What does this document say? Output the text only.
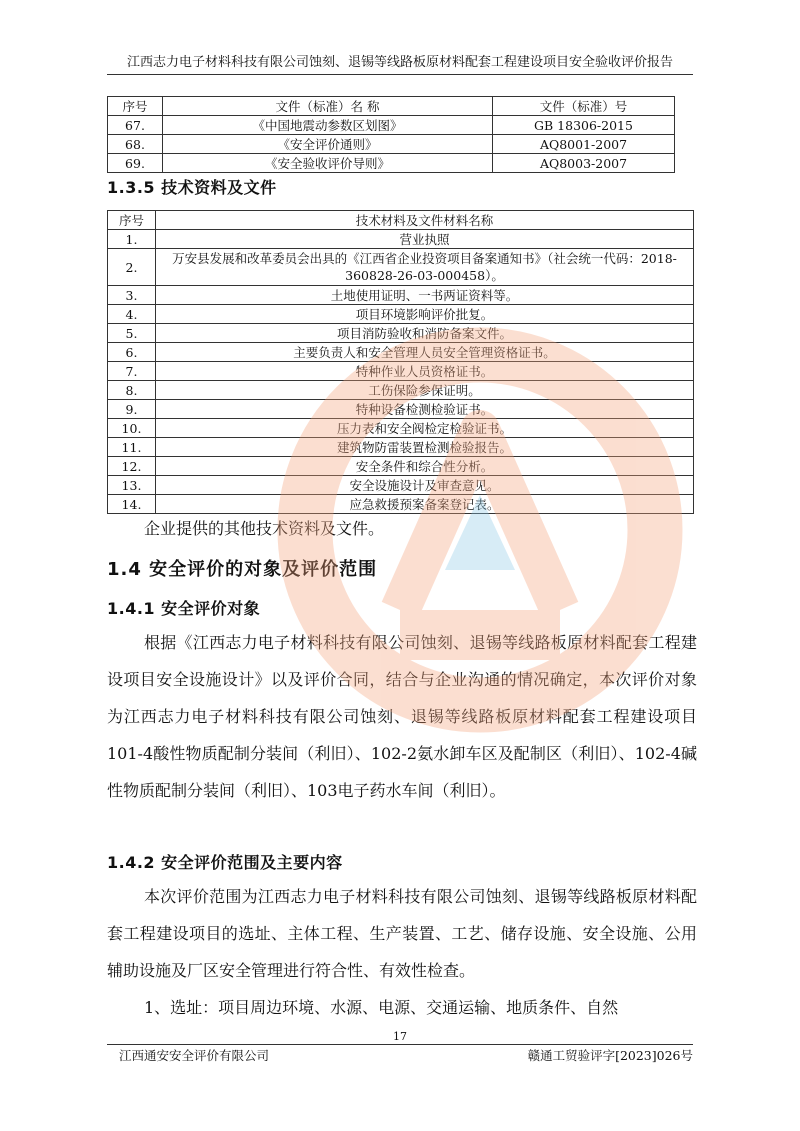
江西志力电子材料科技有限公司蚀刻、退锡等线路板原材料配套工程建设项目安全验收评价报告
序号	文件（标准）名 称	文件（标准）号
67.	《中国地震动参数区划图》	GB 18306-2015
68.	《安全评价通则》	AQ8001-2007
69.	《安全验收评价导则》	AQ8003-2007
1.3.5 技术资料及文件
序号	技术材料及文件材料名称
1.	营业执照
2.	万安县发展和改革委员会出具的《江西省企业投资项目备案通知书》（社会统一代码：2018-360828-26-03-000458）。
3.	土地使用证明、一书两证资料等。
4.	项目环境影响评价批复。
5.	项目消防验收和消防备案文件。
6.	主要负责人和安全管理人员安全管理资格证书。
7.	特种作业人员资格证书。
8.	工伤保险参保证明。
9.	特种设备检测检验证书。
10.	压力表和安全阀检定检验证书。
11.	建筑物防雷装置检测检验报告。
12.	安全条件和综合性分析。
13.	安全设施设计及审查意见。
14.	应急救援预案备案登记表。

企业提供的其他技术资料及文件。

1.4 安全评价的对象及评价范围
1.4.1 安全评价对象

根据《江西志力电子材料科技有限公司蚀刻、退锡等线路板原材料配套工程建设项目安全设施设计》以及评价合同，结合与企业沟通的情况确定，本次评价对象为江西志力电子材料科技有限公司蚀刻、退锡等线路板原材料配套工程建设项目101-4酸性物质配制分装间（利旧）、102-2氨水卸车区及配制区（利旧）、102-4碱性物质配制分装间（利旧）、103电子药水车间（利旧）。

1.4.2 安全评价范围及主要内容

本次评价范围为江西志力电子材料科技有限公司蚀刻、退锡等线路板原材料配套工程建设项目的选址、主体工程、生产装置、工艺、储存设施、安全设施、公用辅助设施及厂区安全管理进行符合性、有效性检查。

1、选址：项目周边环境、水源、电源、交通运输、地质条件、自然

17
江西通安安全评价有限公司	赣通工贸验评字[2023]026号
